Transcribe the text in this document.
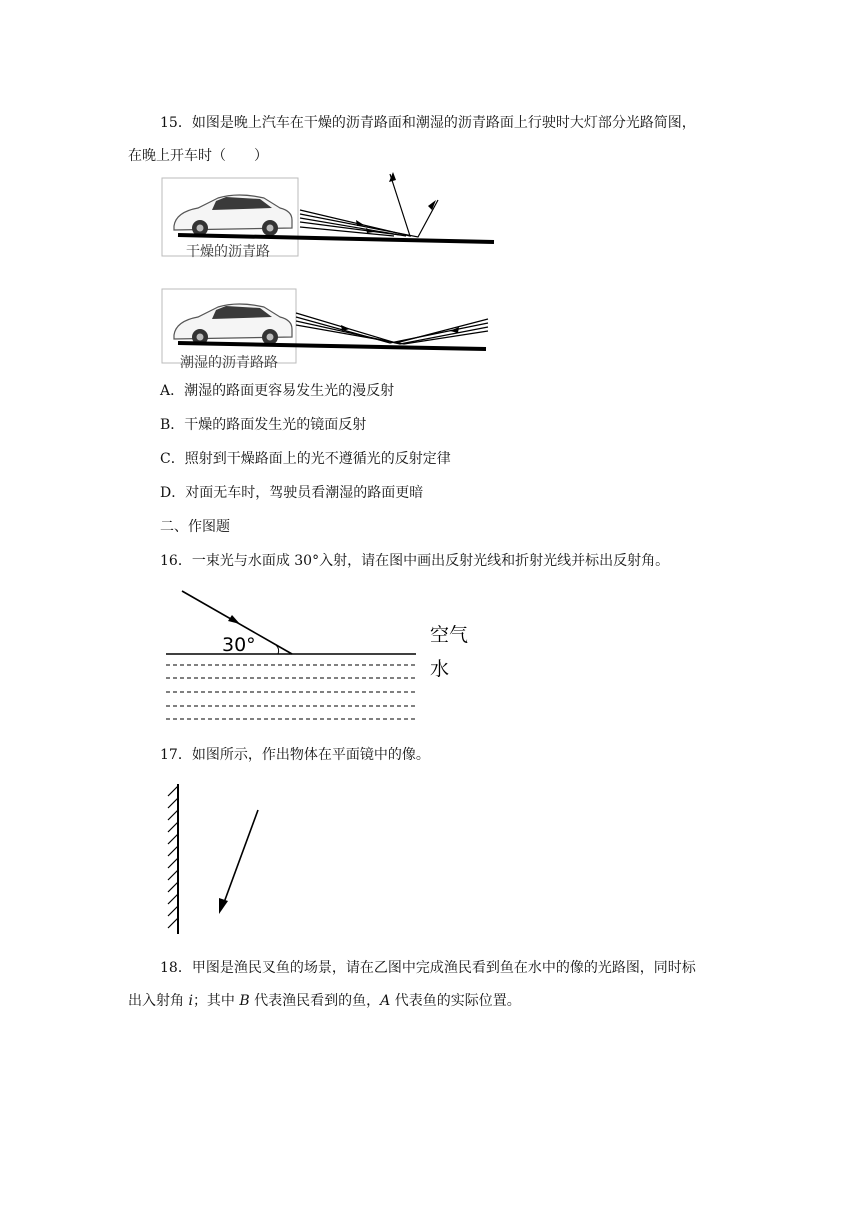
15．如图是晚上汽车在干燥的沥青路面和潮湿的沥青路面上行驶时大灯部分光路简图，
在晚上开车时（　　）
干燥的沥青路
潮湿的沥青路路
A．潮湿的路面更容易发生光的漫反射
B．干燥的路面发生光的镜面反射
C．照射到干燥路面上的光不遵循光的反射定律
D．对面无车时，驾驶员看潮湿的路面更暗
二、作图题
16．一束光与水面成 30°入射，请在图中画出反射光线和折射光线并标出反射角。
30°	空气
水
17．如图所示，作出物体在平面镜中的像。
18．甲图是渔民叉鱼的场景，请在乙图中完成渔民看到鱼在水中的像的光路图，同时标
出入射角 i；其中 B 代表渔民看到的鱼，A 代表鱼的实际位置。
